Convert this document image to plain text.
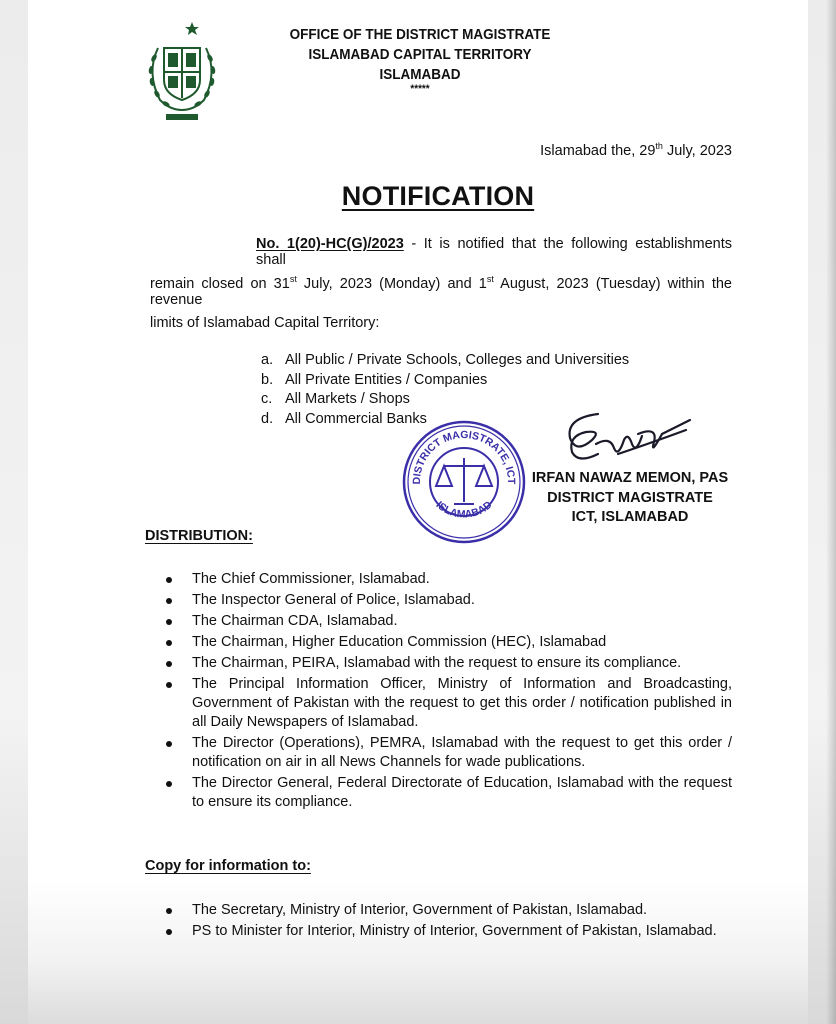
OFFICE OF THE DISTRICT MAGISTRATE
ISLAMABAD CAPITAL TERRITORY
ISLAMABAD
*****
Islamabad the, 29th July, 2023
NOTIFICATION
No. 1(20)-HC(G)/2023 - It is notified that the following establishments shall
remain closed on 31st July, 2023 (Monday) and 1st August, 2023 (Tuesday) within the revenue
limits of Islamabad Capital Territory:
a. All Public / Private Schools, Colleges and Universities
b. All Private Entities / Companies
c. All Markets / Shops
d. All Commercial Banks
DISTRICT MAGISTRATE, ICT
ISLAMABAD
IRFAN NAWAZ MEMON, PAS
DISTRICT MAGISTRATE
ICT, ISLAMABAD
DISTRIBUTION:
The Chief Commissioner, Islamabad.
The Inspector General of Police, Islamabad.
The Chairman CDA, Islamabad.
The Chairman, Higher Education Commission (HEC), Islamabad
The Chairman, PEIRA, Islamabad with the request to ensure its compliance.
The Principal Information Officer, Ministry of Information and Broadcasting, Government of Pakistan with the request to get this order / notification published in all Daily Newspapers of Islamabad.
The Director (Operations), PEMRA, Islamabad with the request to get this order / notification on air in all News Channels for wade publications.
The Director General, Federal Directorate of Education, Islamabad with the request to ensure its compliance.
Copy for information to:
The Secretary, Ministry of Interior, Government of Pakistan, Islamabad.
PS to Minister for Interior, Ministry of Interior, Government of Pakistan, Islamabad.
